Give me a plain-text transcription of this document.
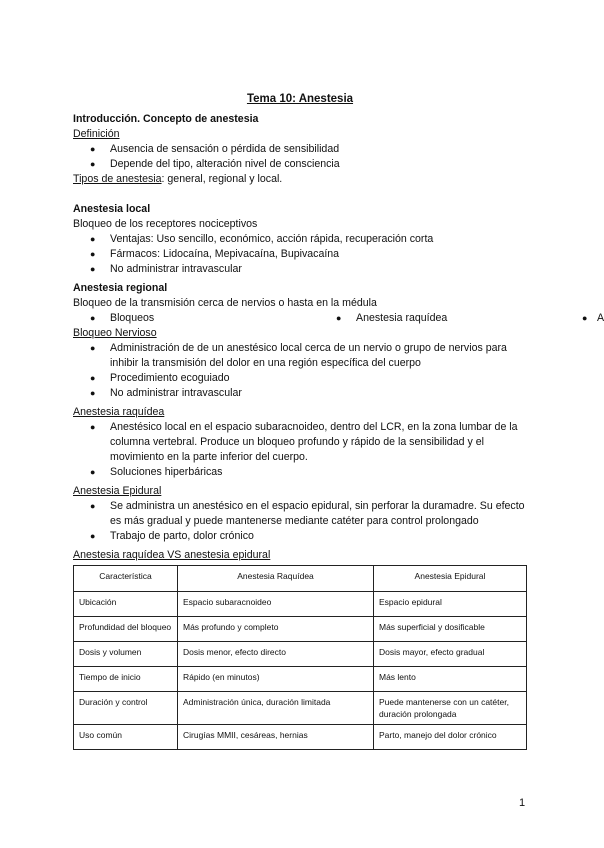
Tema 10: Anestesia
Introducción. Concepto de anestesia
Definición
● Ausencia de sensación o pérdida de sensibilidad
● Depende del tipo, alteración nivel de consciencia
Tipos de anestesia: general, regional y local.
Anestesia local
Bloqueo de los receptores nociceptivos
● Ventajas: Uso sencillo, económico, acción rápida, recuperación corta
● Fármacos: Lidocaína, Mepivacaína, Bupivacaína
● No administrar intravascular
Anestesia regional
Bloqueo de la transmisión cerca de nervios o hasta en la médula
● Bloqueos	● Anestesia raquídea	● A
Bloqueo Nervioso
● Administración de de un anestésico local cerca de un nervio o grupo de nervios para inhibir la transmisión del dolor en una región específica del cuerpo
● Procedimiento ecoguiado
● No administrar intravascular
Anestesia raquídea
● Anestésico local en el espacio subaracnoideo, dentro del LCR, en la zona lumbar de la columna vertebral. Produce un bloqueo profundo y rápido de la sensibilidad y el movimiento en la parte inferior del cuerpo.
● Soluciones hiperbáricas
Anestesia Epidural
● Se administra un anestésico en el espacio epidural, sin perforar la duramadre. Su efecto es más gradual y puede mantenerse mediante catéter para control prolongado
● Trabajo de parto, dolor crónico
Anestesia raquídea VS anestesia epidural
Característica	Anestesia Raquídea	Anestesia Epidural
Ubicación	Espacio subaracnoideo	Espacio epidural
Profundidad del bloqueo	Más profundo y completo	Más superficial y dosificable
Dosis y volumen	Dosis menor, efecto directo	Dosis mayor, efecto gradual
Tiempo de inicio	Rápido (en minutos)	Más lento
Duración y control	Administración única, duración limitada	Puede mantenerse con un catéter, duración prolongada
Uso común	Cirugías MMII, cesáreas, hernias	Parto, manejo del dolor crónico
1
